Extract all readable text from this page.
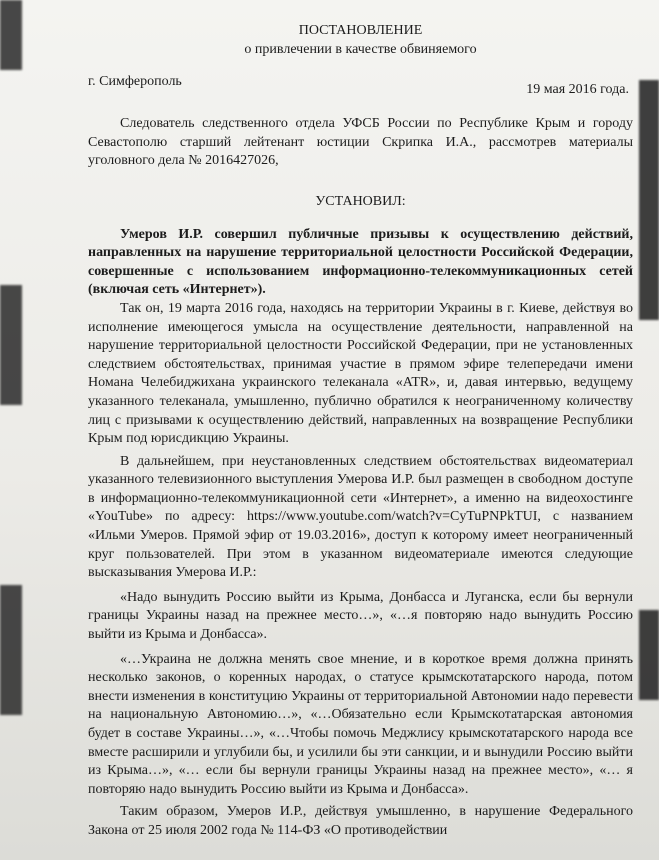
ПОСТАНОВЛЕНИЕ
о привлечении в качестве обвиняемого
г. Симферополь
19 мая 2016 года.

Следователь следственного отдела УФСБ России по Республике Крым и городу Севастополю старший лейтенант юстиции Скрипка И.А., рассмотрев материалы уголовного дела № 2016427026,

УСТАНОВИЛ:

Умеров И.Р. совершил публичные призывы к осуществлению действий, направленных на нарушение территориальной целостности Российской Федерации, совершенные с использованием информационно-телекоммуникационных сетей (включая сеть «Интернет»).

Так он, 19 марта 2016 года, находясь на территории Украины в г. Киеве, действуя во исполнение имеющегося умысла на осуществление деятельности, направленной на нарушение территориальной целостности Российской Федерации, при не установленных следствием обстоятельствах, принимая участие в прямом эфире телепередачи имени Номана Челебиджихана украинского телеканала «ATR», и, давая интервью, ведущему указанного телеканала, умышленно, публично обратился к неограниченному количеству лиц с призывами к осуществлению действий, направленных на возвращение Республики Крым под юрисдикцию Украины.

В дальнейшем, при неустановленных следствием обстоятельствах видеоматериал указанного телевизионного выступления Умерова И.Р. был размещен в свободном доступе в информационно-телекоммуникационной сети «Интернет», а именно на видеохостинге «YouTube» по адресу: https://www.youtube.com/watch?v=CyTuPNPkTUI, с названием «Ильми Умеров. Прямой эфир от 19.03.2016», доступ к которому имеет неограниченный круг пользователей. При этом в указанном видеоматериале имеются следующие высказывания Умерова И.Р.:

«Надо вынудить Россию выйти из Крыма, Донбасса и Луганска, если бы вернули границы Украины назад на прежнее место…», «…я повторяю надо вынудить Россию выйти из Крыма и Донбасса».

«…Украина не должна менять свое мнение, и в короткое время должна принять несколько законов, о коренных народах, о статусе крымскотатарского народа, потом внести изменения в конституцию Украины от территориальной Автономии надо перевести на национальную Автономию…», «…Обязательно если Крымскотатарская автономия будет в составе Украины…», «…Чтобы помочь Меджлису крымскотатарского народа все вместе расширили и углубили бы, и усилили бы эти санкции, и и вынудили Россию выйти из Крыма…», «… если бы вернули границы Украины назад на прежнее место», «… я повторяю надо вынудить Россию выйти из Крыма и Донбасса».

Таким образом, Умеров И.Р., действуя умышленно, в нарушение Федерального Закона от 25 июля 2002 года № 114-ФЗ «О противодействии
